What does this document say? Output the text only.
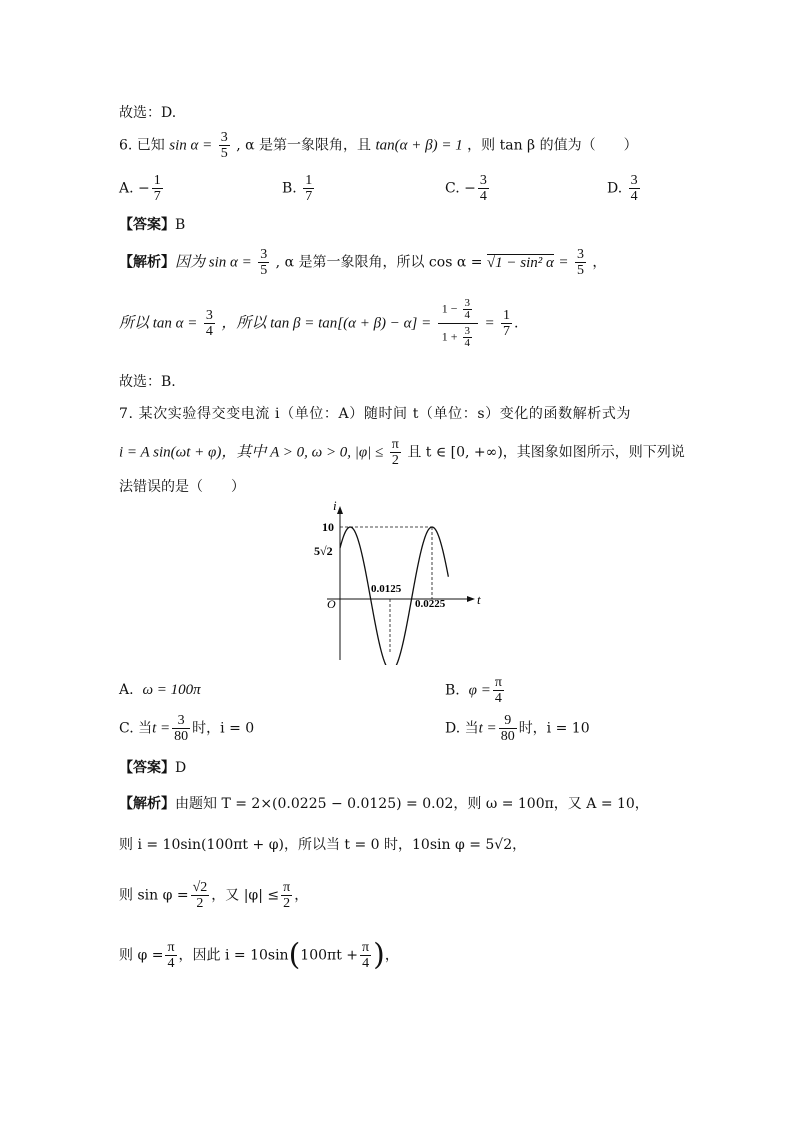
故选：D.
6. 已知 $\sin \alpha = \frac{3}{5}$ , α 是第一象限角，且 tan(α + β) = 1 ，则 tan β 的值为（　　）
A. − $\frac{1}{7}$	B. $\frac{1}{7}$	C. − $\frac{3}{4}$	D. $\frac{3}{4}$
【答案】B
【解析】因为 $\sin \alpha = \frac{3}{5}$ , α 是第一象限角，所以 cos α = √1 − sin² $\alpha = \frac{3}{5}$ ，
所以 $\tan \alpha = \frac{3}{4}$ ，所以 $\tan \beta = \tan[(\alpha + \beta) - \alpha] = \frac{1 - \frac{3}{4}}{1 + \frac{3}{4}} = \frac{1}{7}$ .
故选：B.
7. 某次实验得交变电流 i（单位：A）随时间 t（单位：s）变化的函数解析式为
i = A sin(ωt + φ)，其中 A > 0, ω > 0, $|\varphi| \le \frac{\pi}{2}$ 且 t ∈ [0, +∞)，其图象如图所示，则下列说
法错误的是（　　）
i
t
O
10
5√2
0.0125
0.0225
A. ω = 100π	B. $\varphi = \frac{\pi}{4}$
C. 当$t = \frac{3}{80}$ 时，i = 0	D. 当$t = \frac{9}{80}$ 时，i = 10
【答案】D
【解析】由题知 T = 2×(0.0225 − 0.0125) = 0.02，则 ω = 100π，又 A = 10，
则 i = 10sin(100πt + φ)，所以当 t = 0 时，10sin φ = 5√2，
则 $\sin \varphi = \frac{√2}{2}$ ，又 $|\varphi| \le \frac{\pi}{2}$ ，
则 $\varphi = \frac{\pi}{4}$ ，因此 $i = 10\sin(100\pi t + \frac{\pi}{4}$ )，
